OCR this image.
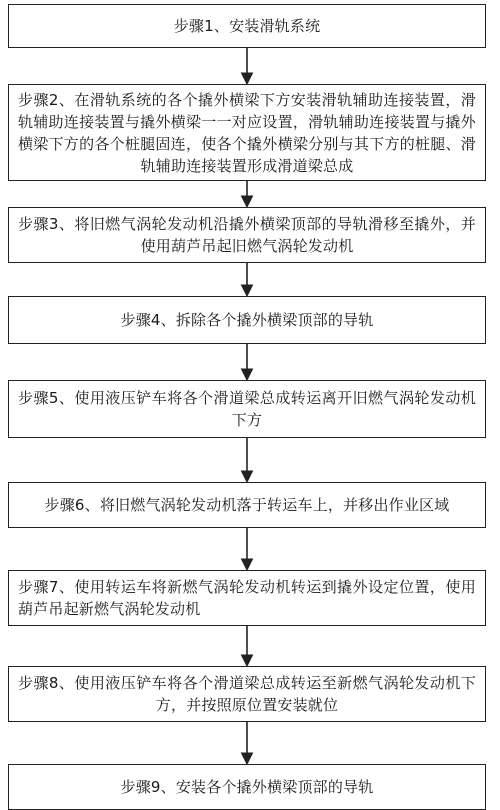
步骤1、安装滑轨系统
步骤2、在滑轨系统的各个撬外横梁下方安装滑轨辅助连接装置，滑轨辅助连接装置与撬外横梁一一对应设置，滑轨辅助连接装置与撬外横梁下方的各个桩腿固连，使各个撬外横梁分别与其下方的桩腿、滑轨辅助连接装置形成滑道梁总成
步骤3、将旧燃气涡轮发动机沿撬外横梁顶部的导轨滑移至撬外，并使用葫芦吊起旧燃气涡轮发动机
步骤4、拆除各个撬外横梁顶部的导轨
步骤5、使用液压铲车将各个滑道梁总成转运离开旧燃气涡轮发动机下方
步骤6、将旧燃气涡轮发动机落于转运车上，并移出作业区域
步骤7、使用转运车将新燃气涡轮发动机转运到撬外设定位置，使用葫芦吊起新燃气涡轮发动机
步骤8、使用液压铲车将各个滑道梁总成转运至新燃气涡轮发动机下方，并按照原位置安装就位
步骤9、安装各个撬外横梁顶部的导轨
